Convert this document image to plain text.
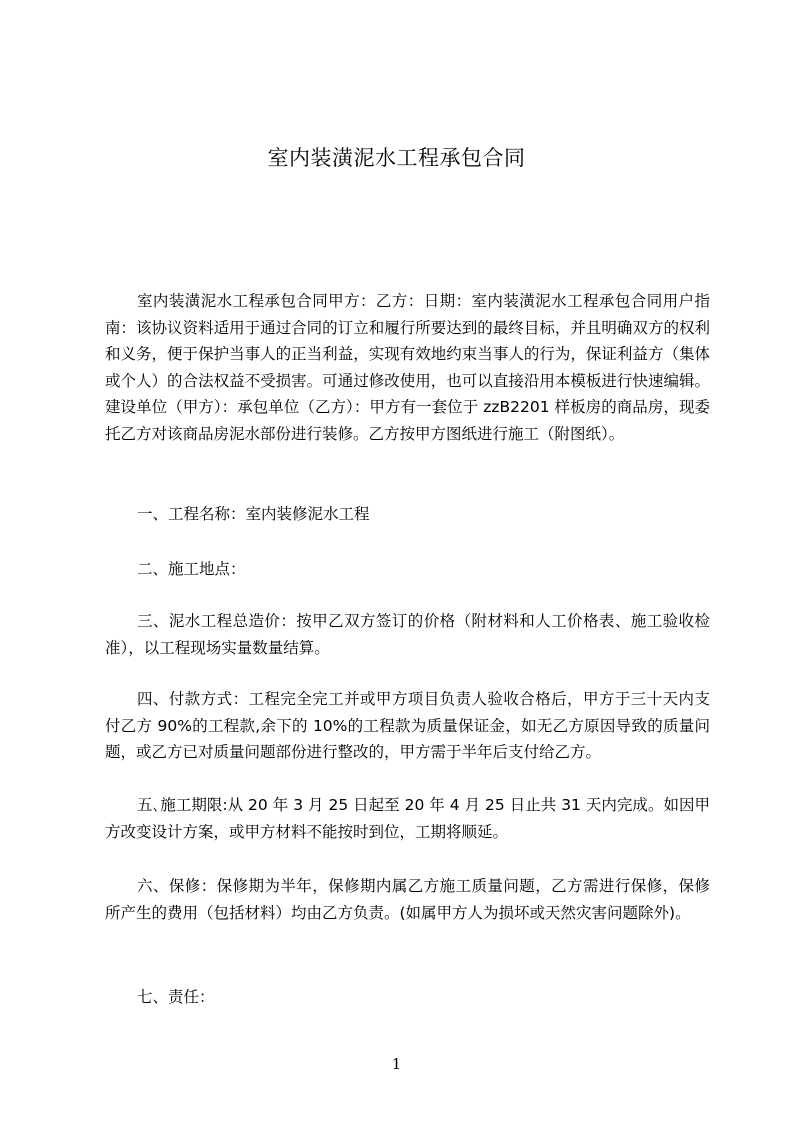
室内装潢泥水工程承包合同

室内装潢泥水工程承包合同甲方：乙方：日期：室内装潢泥水工程承包合同用户指南：该协议资料适用于通过合同的订立和履行所要达到的最终目标，并且明确双方的权利和义务，便于保护当事人的正当利益，实现有效地约束当事人的行为，保证利益方（集体或个人）的合法权益不受损害。可通过修改使用，也可以直接沿用本模板进行快速编辑。建设单位（甲方）：承包单位（乙方）：甲方有一套位于 zzB2201 样板房的商品房，现委托乙方对该商品房泥水部份进行装修。乙方按甲方图纸进行施工（附图纸）。

一、工程名称：室内装修泥水工程

二、施工地点：

三、泥水工程总造价：按甲乙双方签订的价格（附材料和人工价格表、施工验收检准），以工程现场实量数量结算。

四、付款方式：工程完全完工并或甲方项目负责人验收合格后，甲方于三十天内支付乙方 90%的工程款,余下的 10%的工程款为质量保证金，如无乙方原因导致的质量问题，或乙方已对质量问题部份进行整改的，甲方需于半年后支付给乙方。

五､施工期限:从 20 年 3 月 25 日起至 20 年 4 月 25 日止共 31 天内完成。如因甲方改变设计方案，或甲方材料不能按时到位，工期将顺延。

六、保修：保修期为半年，保修期内属乙方施工质量问题，乙方需进行保修，保修所产生的费用（包括材料）均由乙方负责。(如属甲方人为损坏或天然灾害问题除外)。

七、责任：

1
